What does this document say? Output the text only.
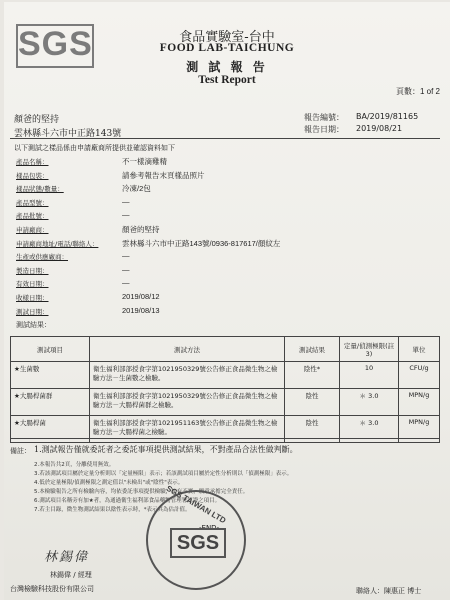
SGS	食品實驗室-台中
FOOD LAB-TAICHUNG
測 試 報 告
Test Report
頁數：1 of 2
顏爸的堅持
雲林縣斗六市中正路143號
報告編號： BA/2019/81165
報告日期： 2019/08/21
以下測試之樣品係由申請廠商所提供並確認資料如下
產品名稱：	不一樣滴雞精
樣品包裝：	請參考報告末頁樣品照片
樣品狀態/數量：	冷凍/2包
產品型號：	—
產品批號：	—
申請廠商：	顏爸的堅持
申請廠商地址/電話/聯絡人：	雲林縣斗六市中正路143號/0936-817617/顏紋左
生產或供應廠商：	—
製造日期：	—
有效日期：	—
收樣日期：	2019/08/12
測試日期：	2019/08/13
測試結果：
測試項目	測試方法	測試結果	定量/偵測極限(註3)	單位
★生菌數	衛生福利部部授食字第1021950329號公告修正食品微生物之檢驗方法－生菌數之檢驗。	陰性*	10	CFU/g
★大腸桿菌群	衛生福利部部授食字第1021950329號公告修正食品微生物之檢驗方法－大腸桿菌群之檢驗。	陰性	＊ 3.0	MPN/g
★大腸桿菌	衛生福利部部授食字第1021951163號公告修正食品微生物之檢驗方法－大腸桿菌之檢驗。	陰性	＊ 3.0	MPN/g
備註： 1.測試報告僅就委託者之委託事項提供測試結果，不對產品合法性做判斷。
2.本報告共2頁，分離使用無效。
3.若該測試項目屬於定量分析則以「定量極限」表示；若該測試項目屬於定性分析則以「偵測極限」表示。
4.低於定量極限/偵測極限之測定值以"未檢出"或"陰性"表示。
5.本檢驗報告之所有檢驗內容，均依委託事項提供檢驗，如有不實，願意承擔完全責任。
6.測試項目名稱旁有加★者，為通過衛生福利部食品藥物管理署認證之項目。
7.若主目錄，微生物測試結果以陰性表示時，*表示其為估計值。
-END-
林錫偉
林錫偉 / 經理
台灣檢驗科技股份有限公司
SGS TAIWAN LTD
SGS
聯絡人：陳惠正 博士
